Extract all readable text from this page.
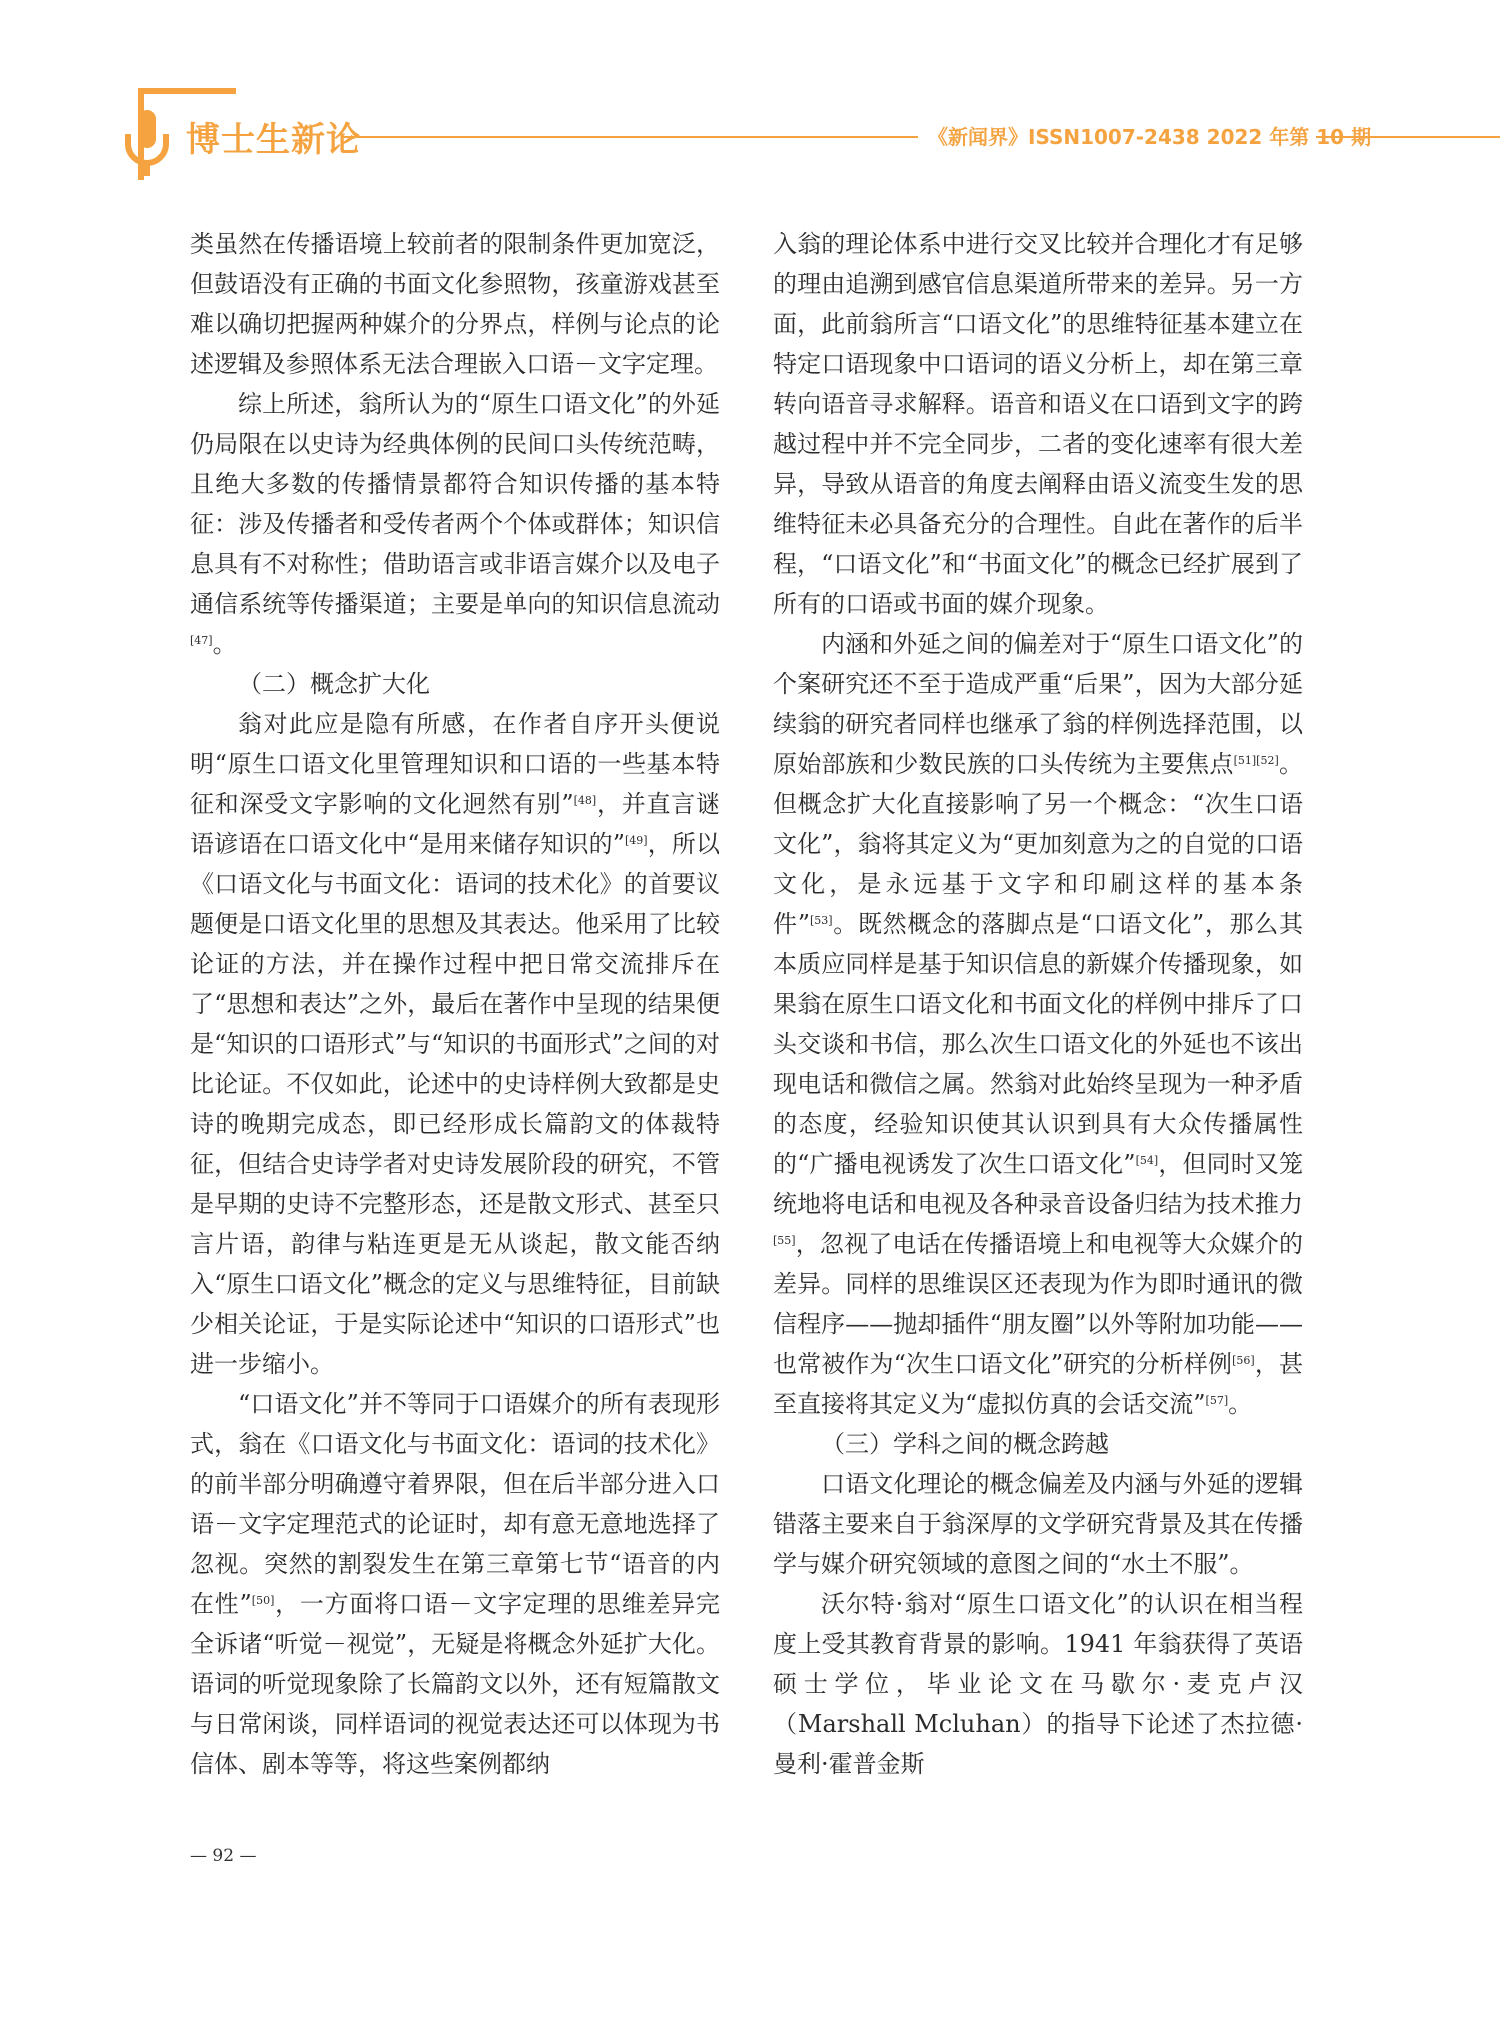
博士生新论	《新闻界》ISSN1007-2438 2022 年第 10 期

类虽然在传播语境上较前者的限制条件更加宽泛，但鼓语没有正确的书面文化参照物，孩童游戏甚至难以确切把握两种媒介的分界点，样例与论点的论述逻辑及参照体系无法合理嵌入口语－文字定理。

综上所述，翁所认为的“原生口语文化”的外延仍局限在以史诗为经典体例的民间口头传统范畴，且绝大多数的传播情景都符合知识传播的基本特征：涉及传播者和受传者两个个体或群体；知识信息具有不对称性；借助语言或非语言媒介以及电子通信系统等传播渠道；主要是单向的知识信息流动[47]。

（二）概念扩大化

翁对此应是隐有所感，在作者自序开头便说明“原生口语文化里管理知识和口语的一些基本特征和深受文字影响的文化迥然有别”[48]，并直言谜语谚语在口语文化中“是用来储存知识的”[49]，所以《口语文化与书面文化：语词的技术化》的首要议题便是口语文化里的思想及其表达。他采用了比较论证的方法，并在操作过程中把日常交流排斥在了“思想和表达”之外，最后在著作中呈现的结果便是“知识的口语形式”与“知识的书面形式”之间的对比论证。不仅如此，论述中的史诗样例大致都是史诗的晚期完成态，即已经形成长篇韵文的体裁特征，但结合史诗学者对史诗发展阶段的研究，不管是早期的史诗不完整形态，还是散文形式、甚至只言片语，韵律与粘连更是无从谈起，散文能否纳入“原生口语文化”概念的定义与思维特征，目前缺少相关论证，于是实际论述中“知识的口语形式”也进一步缩小。

“口语文化”并不等同于口语媒介的所有表现形式，翁在《口语文化与书面文化：语词的技术化》的前半部分明确遵守着界限，但在后半部分进入口语－文字定理范式的论证时，却有意无意地选择了忽视。突然的割裂发生在第三章第七节“语音的内在性”[50]，一方面将口语－文字定理的思维差异完全诉诸“听觉－视觉”，无疑是将概念外延扩大化。语词的听觉现象除了长篇韵文以外，还有短篇散文与日常闲谈，同样语词的视觉表达还可以体现为书信体、剧本等等，将这些案例都纳

入翁的理论体系中进行交叉比较并合理化才有足够的理由追溯到感官信息渠道所带来的差异。另一方面，此前翁所言“口语文化”的思维特征基本建立在特定口语现象中口语词的语义分析上，却在第三章转向语音寻求解释。语音和语义在口语到文字的跨越过程中并不完全同步，二者的变化速率有很大差异，导致从语音的角度去阐释由语义流变生发的思维特征未必具备充分的合理性。自此在著作的后半程，“口语文化”和“书面文化”的概念已经扩展到了所有的口语或书面的媒介现象。

内涵和外延之间的偏差对于“原生口语文化”的个案研究还不至于造成严重“后果”，因为大部分延续翁的研究者同样也继承了翁的样例选择范围，以原始部族和少数民族的口头传统为主要焦点[51][52]。但概念扩大化直接影响了另一个概念：“次生口语文化”，翁将其定义为“更加刻意为之的自觉的口语文化，是永远基于文字和印刷这样的基本条件”[53]。既然概念的落脚点是“口语文化”，那么其本质应同样是基于知识信息的新媒介传播现象，如果翁在原生口语文化和书面文化的样例中排斥了口头交谈和书信，那么次生口语文化的外延也不该出现电话和微信之属。然翁对此始终呈现为一种矛盾的态度，经验知识使其认识到具有大众传播属性的“广播电视诱发了次生口语文化”[54]，但同时又笼统地将电话和电视及各种录音设备归结为技术推力[55]，忽视了电话在传播语境上和电视等大众媒介的差异。同样的思维误区还表现为作为即时通讯的微信程序——抛却插件“朋友圈”以外等附加功能——也常被作为“次生口语文化”研究的分析样例[56]，甚至直接将其定义为“虚拟仿真的会话交流”[57]。

（三）学科之间的概念跨越

口语文化理论的概念偏差及内涵与外延的逻辑错落主要来自于翁深厚的文学研究背景及其在传播学与媒介研究领域的意图之间的“水土不服”。

沃尔特·翁对“原生口语文化”的认识在相当程度上受其教育背景的影响。1941 年翁获得了英语硕士学位，毕业论文在马歇尔·麦克卢汉（Marshall Mcluhan）的指导下论述了杰拉德·曼利·霍普金斯

— 92 —
